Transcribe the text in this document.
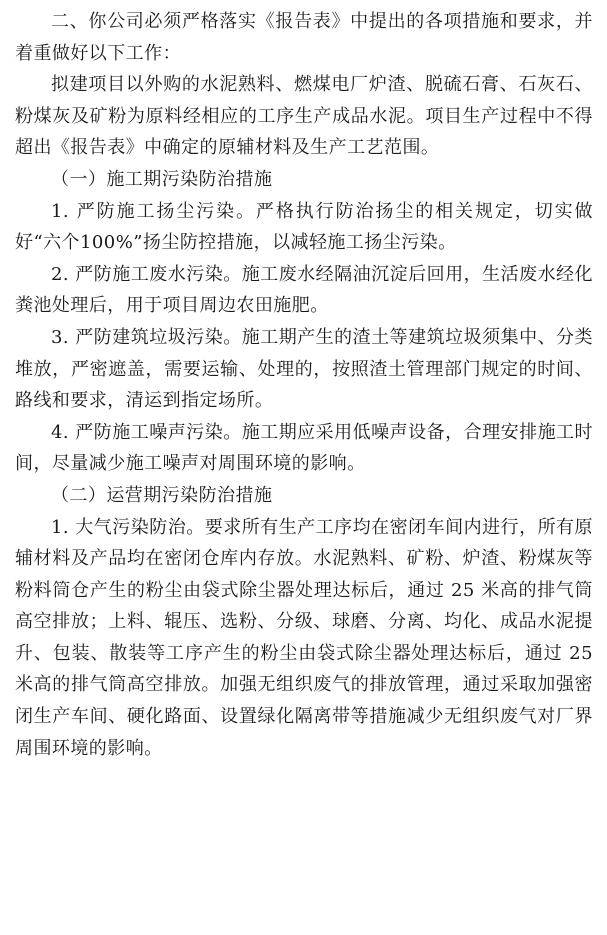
二、你公司必须严格落实《报告表》中提出的各项措施和要求，并着重做好以下工作：

拟建项目以外购的水泥熟料、燃煤电厂炉渣、脱硫石膏、石灰石、粉煤灰及矿粉为原料经相应的工序生产成品水泥。项目生产过程中不得超出《报告表》中确定的原辅材料及生产工艺范围。

（一）施工期污染防治措施

1. 严防施工扬尘污染。严格执行防治扬尘的相关规定，切实做好“六个100%”扬尘防控措施，以减轻施工扬尘污染。

2. 严防施工废水污染。施工废水经隔油沉淀后回用，生活废水经化粪池处理后，用于项目周边农田施肥。

3. 严防建筑垃圾污染。施工期产生的渣土等建筑垃圾须集中、分类堆放，严密遮盖，需要运输、处理的，按照渣土管理部门规定的时间、路线和要求，清运到指定场所。

4. 严防施工噪声污染。施工期应采用低噪声设备，合理安排施工时间，尽量减少施工噪声对周围环境的影响。

（二）运营期污染防治措施

1. 大气污染防治。要求所有生产工序均在密闭车间内进行，所有原辅材料及产品均在密闭仓库内存放。水泥熟料、矿粉、炉渣、粉煤灰等粉料筒仓产生的粉尘由袋式除尘器处理达标后，通过 25 米高的排气筒高空排放；上料、辊压、选粉、分级、球磨、分离、均化、成品水泥提升、包装、散装等工序产生的粉尘由袋式除尘器处理达标后，通过 25 米高的排气筒高空排放。加强无组织废气的排放管理，通过采取加强密闭生产车间、硬化路面、设置绿化隔离带等措施减少无组织废气对厂界周围环境的影响。
